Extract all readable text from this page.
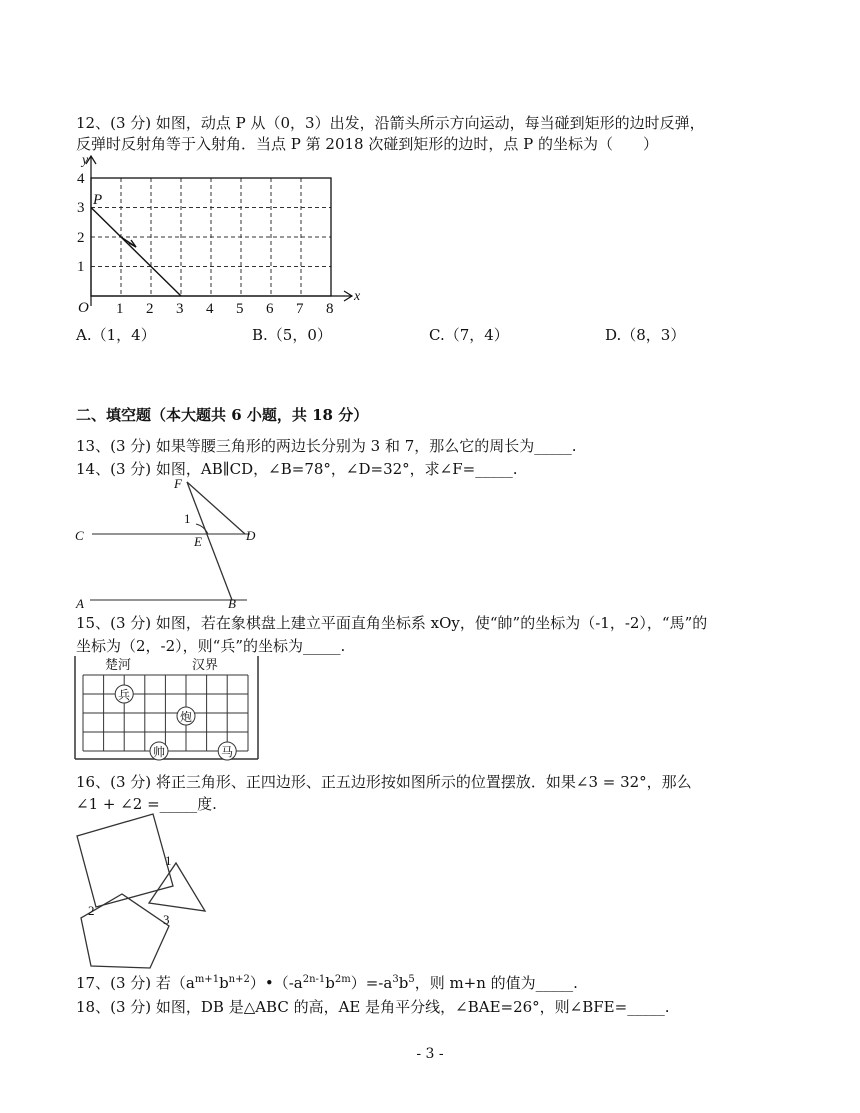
12、(3 分) 如图，动点 P 从（0，3）出发，沿箭头所示方向运动，每当碰到矩形的边时反弹，
反弹时反射角等于入射角．当点 P 第 2018 次碰到矩形的边时，点 P 的坐标为（　　）
y
x
O
P
1 2 3 4 5 6 7 8
1
2
3
4
A.（1，4）	B.（5，0）	C.（7，4）	D.（8，3）
二、填空题（本大题共 6 小题，共 18 分）
13、(3 分) 如果等腰三角形的两边长分别为 3 和 7，那么它的周长为_____.
14、(3 分) 如图，AB∥CD，∠B=78°，∠D=32°，求∠F=_____.
F
C	D
E
A	B
1
15、(3 分) 如图，若在象棋盘上建立平面直角坐标系 xOy，使“帥”的坐标为（-1，-2），“馬”的
坐标为（2，-2），则“兵”的坐标为_____.
楚河	汉界
兵
炮
帅	马
16、(3 分) 将正三角形、正四边形、正五边形按如图所示的位置摆放．如果∠3 = 32°，那么
∠1 + ∠2 =_____度.
1
2
3
17、(3 分) 若$(a^{m+1}b^{n+2})•(-a^{2n-1}b^{2m})=-a^3b^5$，则 m+n 的值为_____.
18、(3 分) 如图，DB 是△ABC 的高，AE 是角平分线，∠BAE=26°，则∠BFE=_____.
- 3 -
